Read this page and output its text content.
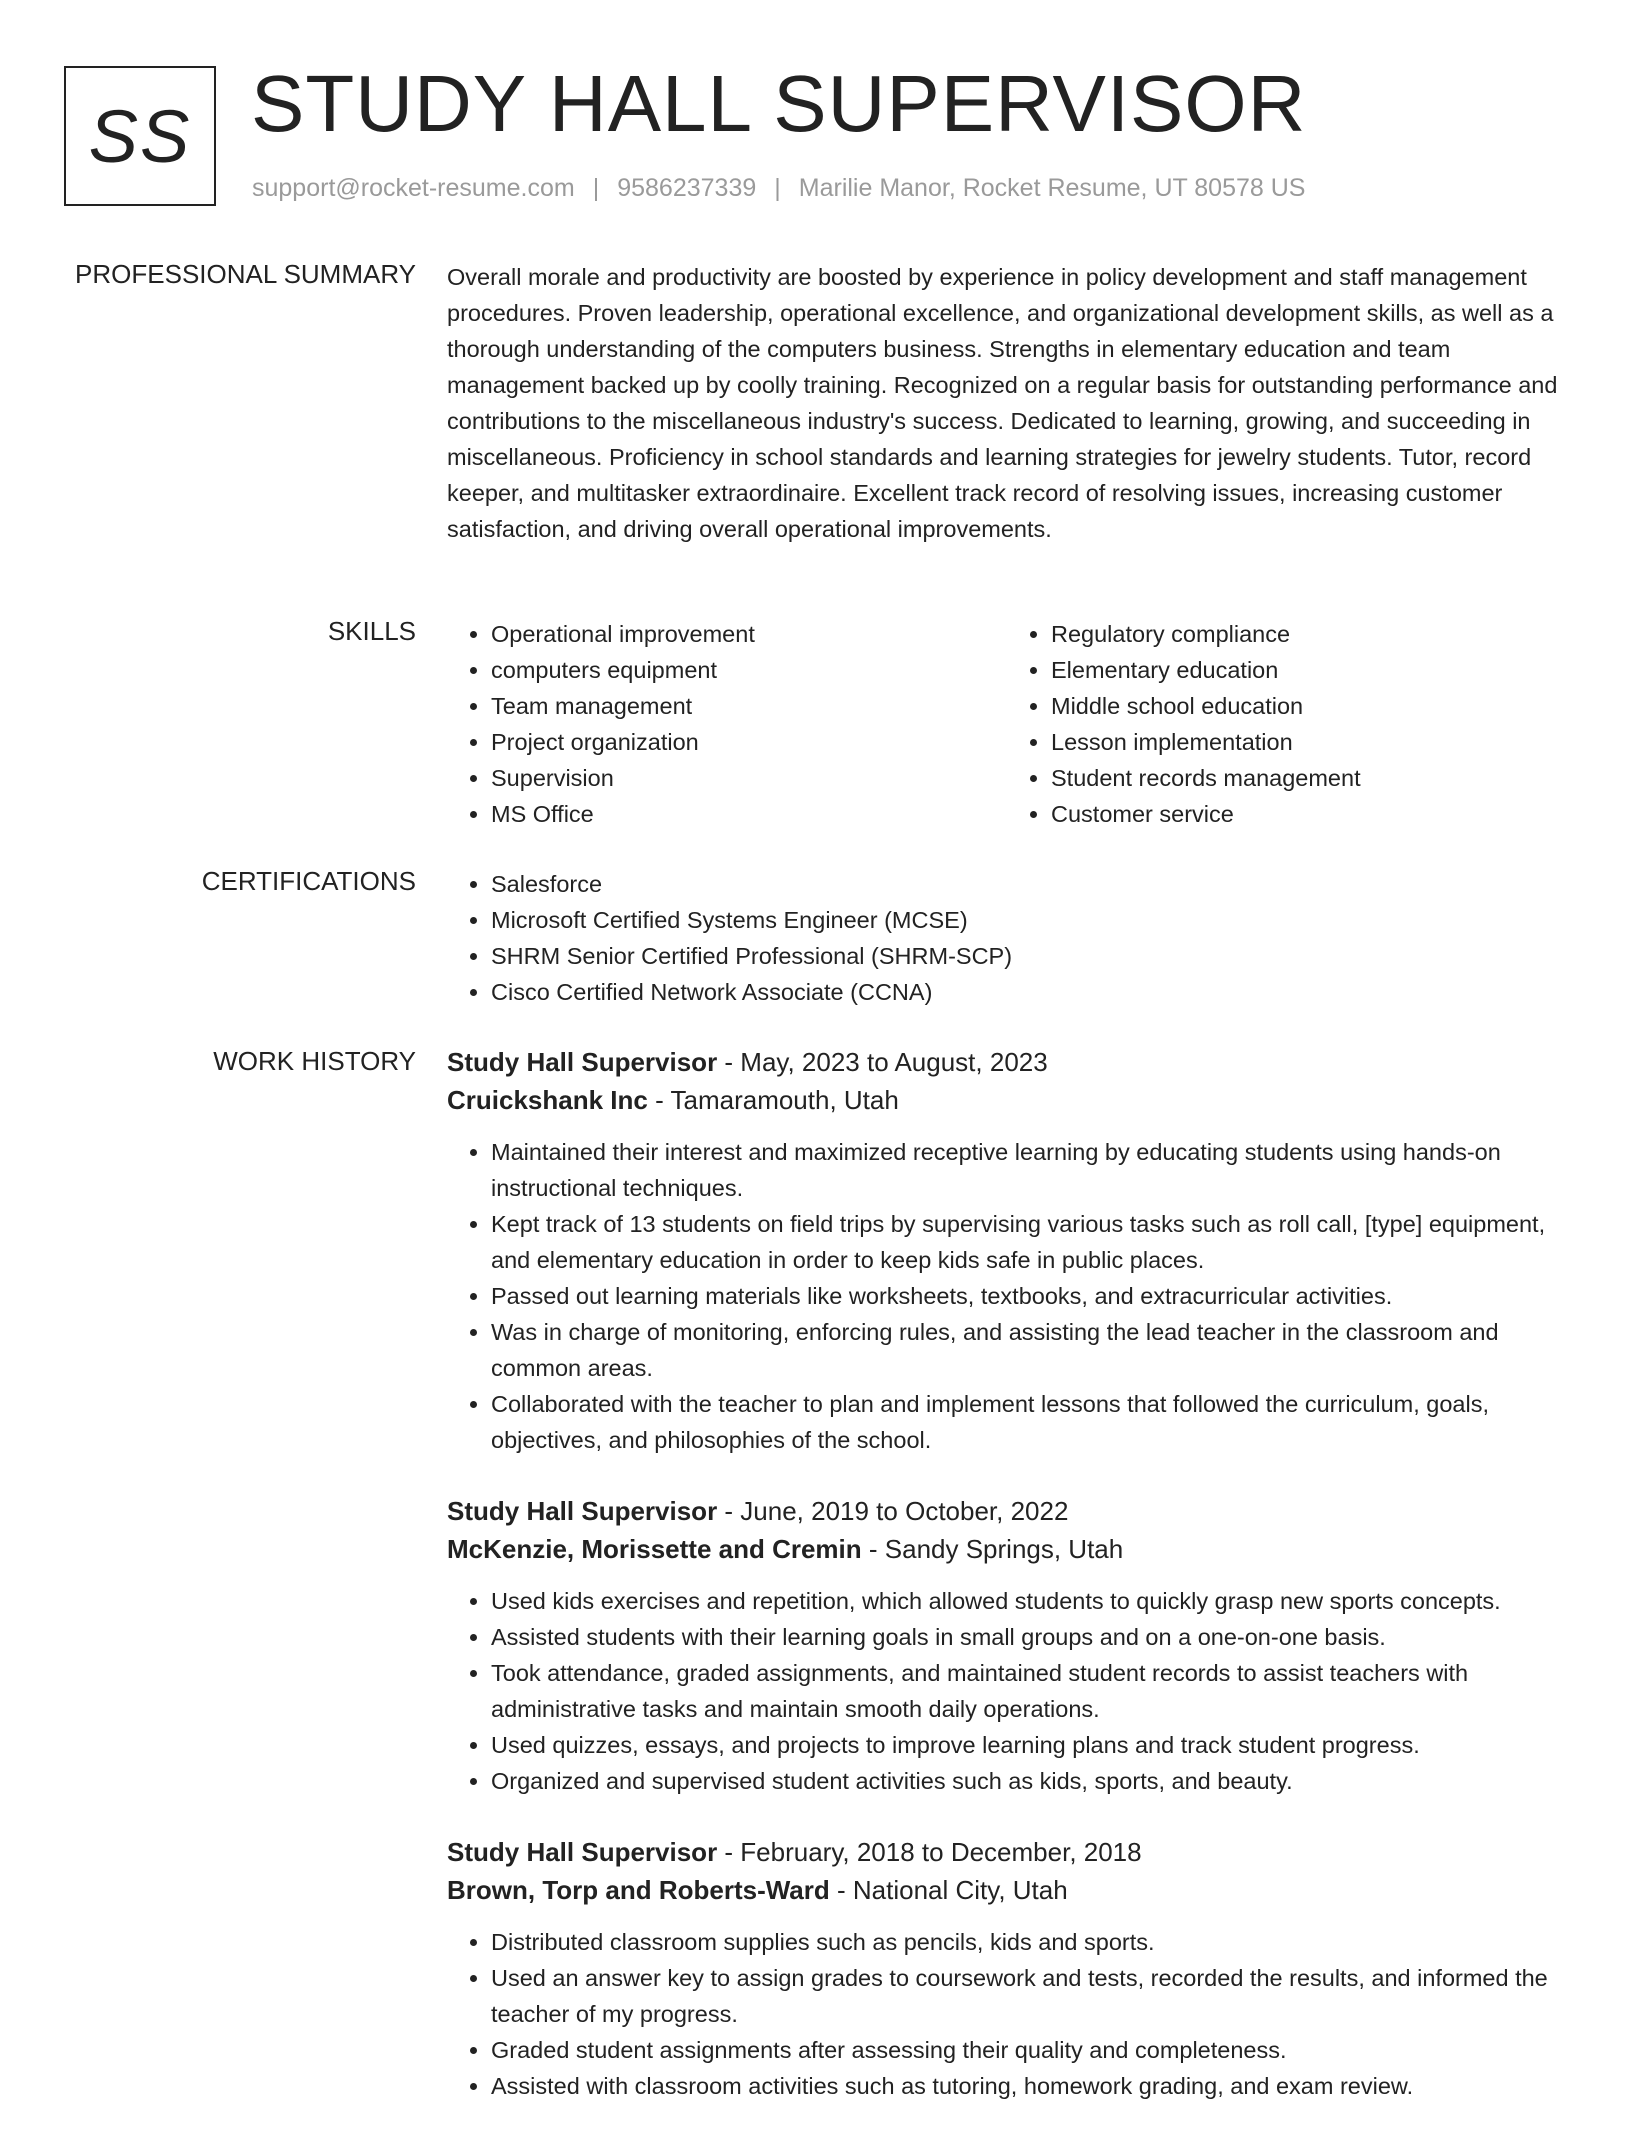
SS STUDY HALL SUPERVISOR
support@rocket-resume.com | 9586237339 | Marilie Manor, Rocket Resume, UT 80578 US
PROFESSIONAL SUMMARY Overall morale and productivity are boosted by experience in policy development and staff management procedures. Proven leadership, operational excellence, and organizational development skills, as well as a thorough understanding of the computers business. Strengths in elementary education and team management backed up by coolly training. Recognized on a regular basis for outstanding performance and contributions to the miscellaneous industry's success. Dedicated to learning, growing, and succeeding in miscellaneous. Proficiency in school standards and learning strategies for jewelry students. Tutor, record keeper, and multitasker extraordinaire. Excellent track record of resolving issues, increasing customer satisfaction, and driving overall operational improvements.

SKILLS	• Operational improvement
• computers equipment
• Team management
• Project organization
• Supervision
• MS Office
• Regulatory compliance
• Elementary education
• Middle school education
• Lesson implementation
• Student records management
• Customer service
CERTIFICATIONS	• Salesforce
• Microsoft Certified Systems Engineer (MCSE)
• SHRM Senior Certified Professional (SHRM-SCP)
• Cisco Certified Network Associate (CCNA)
WORK HISTORY Study Hall Supervisor - May, 2023 to August, 2023
Cruickshank Inc - Tamaramouth, Utah
• Maintained their interest and maximized receptive learning by educating students using hands-on instructional techniques.
• Kept track of 13 students on field trips by supervising various tasks such as roll call, [type] equipment, and elementary education in order to keep kids safe in public places.
• Passed out learning materials like worksheets, textbooks, and extracurricular activities.
• Was in charge of monitoring, enforcing rules, and assisting the lead teacher in the classroom and common areas.
• Collaborated with the teacher to plan and implement lessons that followed the curriculum, goals, objectives, and philosophies of the school.
Study Hall Supervisor - June, 2019 to October, 2022
McKenzie, Morissette and Cremin - Sandy Springs, Utah
• Used kids exercises and repetition, which allowed students to quickly grasp new sports concepts.
• Assisted students with their learning goals in small groups and on a one-on-one basis.
• Took attendance, graded assignments, and maintained student records to assist teachers with administrative tasks and maintain smooth daily operations.
• Used quizzes, essays, and projects to improve learning plans and track student progress.
• Organized and supervised student activities such as kids, sports, and beauty.
Study Hall Supervisor - February, 2018 to December, 2018
Brown, Torp and Roberts-Ward - National City, Utah
• Distributed classroom supplies such as pencils, kids and sports.
• Used an answer key to assign grades to coursework and tests, recorded the results, and informed the teacher of my progress.
• Graded student assignments after assessing their quality and completeness.
• Assisted with classroom activities such as tutoring, homework grading, and exam review.
